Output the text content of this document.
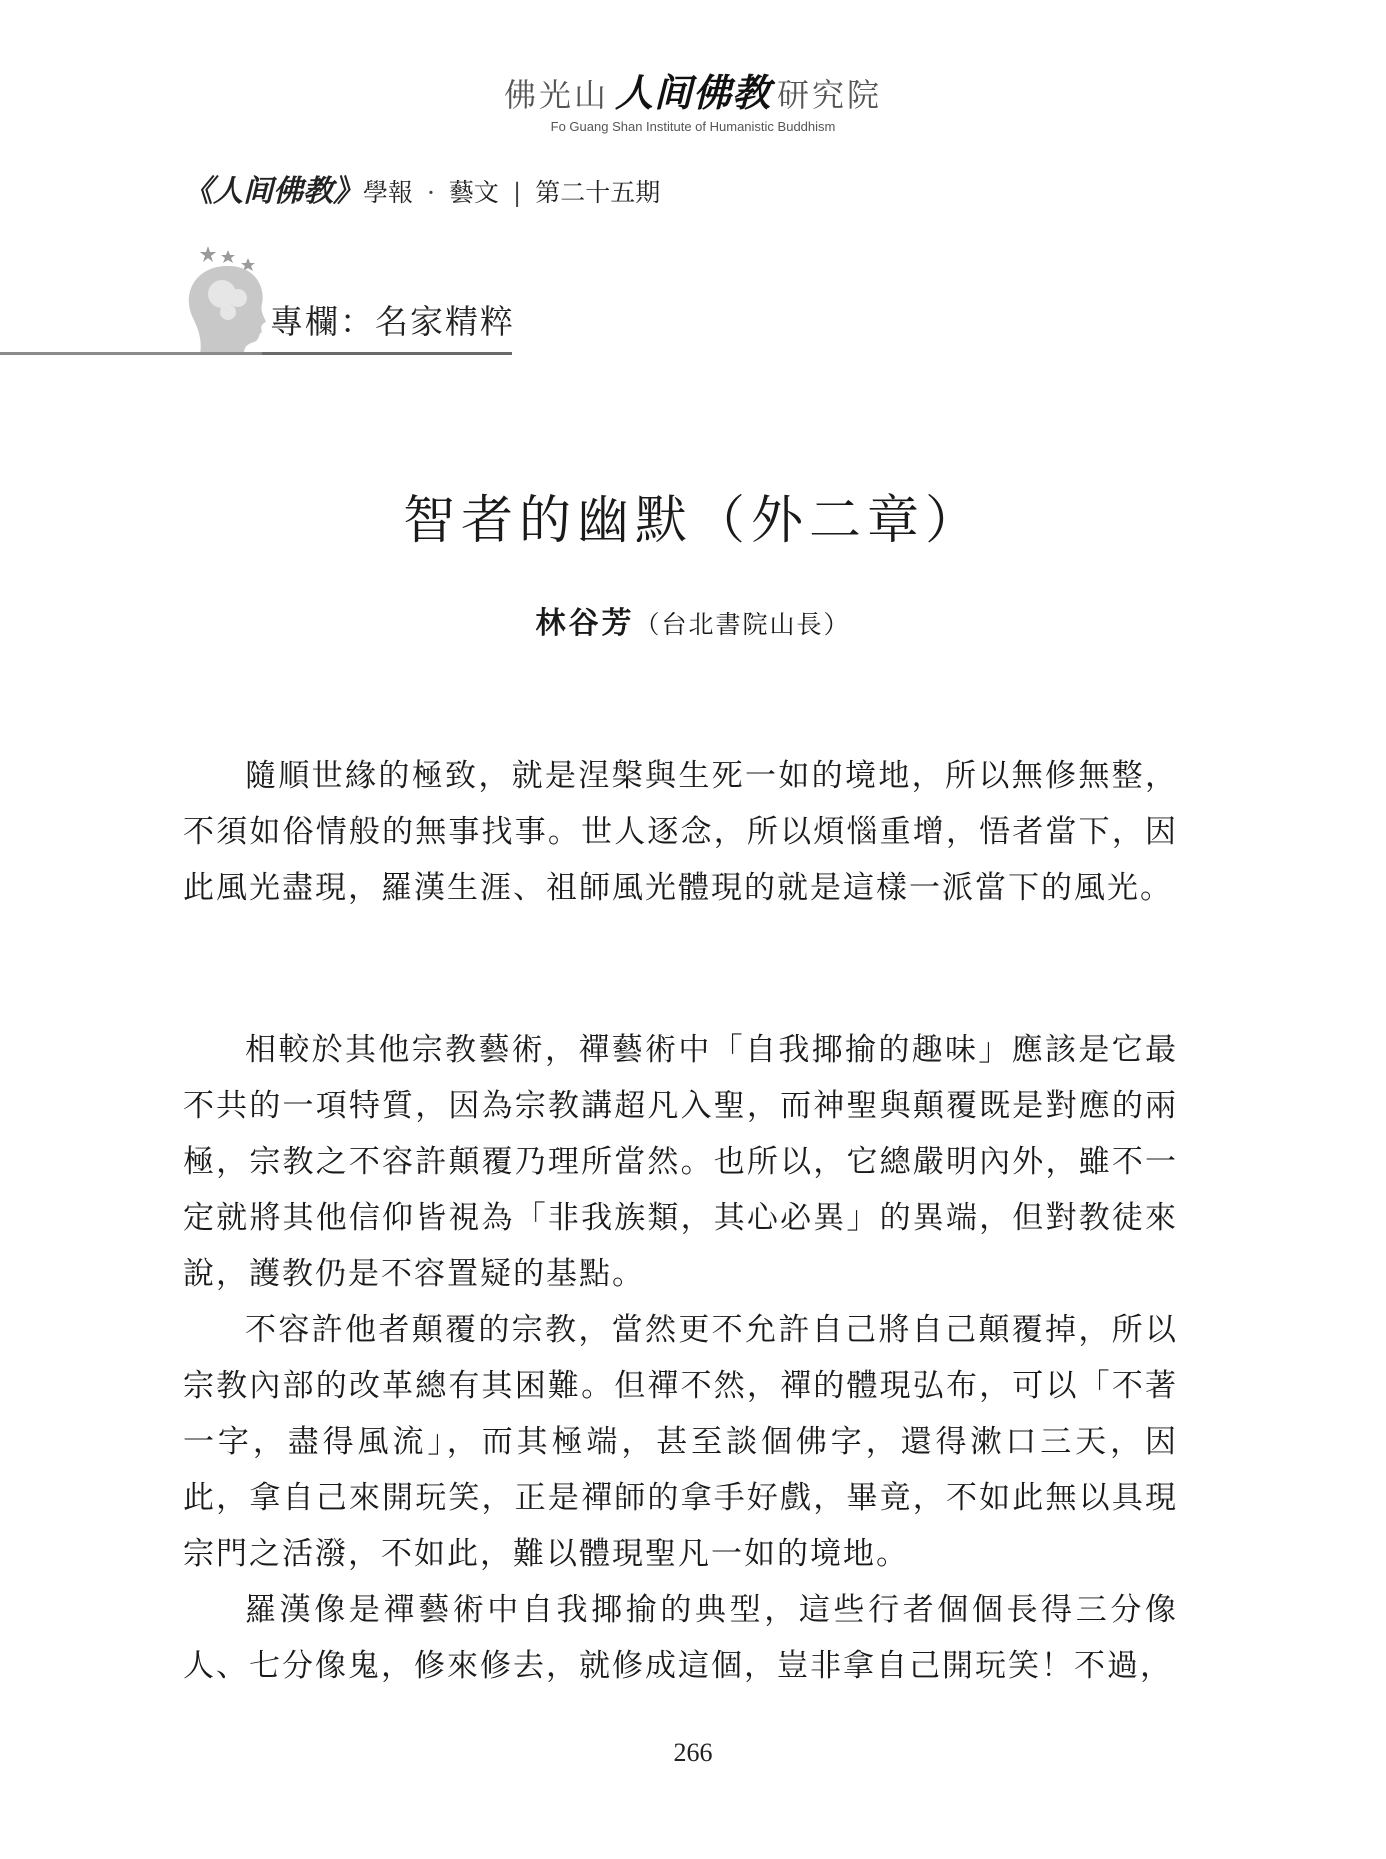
佛光山 人间佛教 研究院
Fo Guang Shan Institute of Humanistic Buddhism
《人间佛教》學報 · 藝文 | 第二十五期
專欄：名家精粹
智者的幽默（外二章）
林谷芳（台北書院山長）

隨順世緣的極致，就是涅槃與生死一如的境地，所以無修無整，不須如俗情般的無事找事。世人逐念，所以煩惱重增，悟者當下，因此風光盡現，羅漢生涯、祖師風光體現的就是這樣一派當下的風光。

相較於其他宗教藝術，禪藝術中「自我揶揄的趣味」應該是它最不共的一項特質，因為宗教講超凡入聖，而神聖與顛覆既是對應的兩極，宗教之不容許顛覆乃理所當然。也所以，它總嚴明內外，雖不一定就將其他信仰皆視為「非我族類，其心必異」的異端，但對教徒來說，護教仍是不容置疑的基點。

不容許他者顛覆的宗教，當然更不允許自己將自己顛覆掉，所以宗教內部的改革總有其困難。但禪不然，禪的體現弘布，可以「不著一字，盡得風流」，而其極端，甚至談個佛字，還得漱口三天，因此，拿自己來開玩笑，正是禪師的拿手好戲，畢竟，不如此無以具現宗門之活潑，不如此，難以體現聖凡一如的境地。

羅漢像是禪藝術中自我揶揄的典型，這些行者個個長得三分像人、七分像鬼，修來修去，就修成這個，豈非拿自己開玩笑！不過，

266
